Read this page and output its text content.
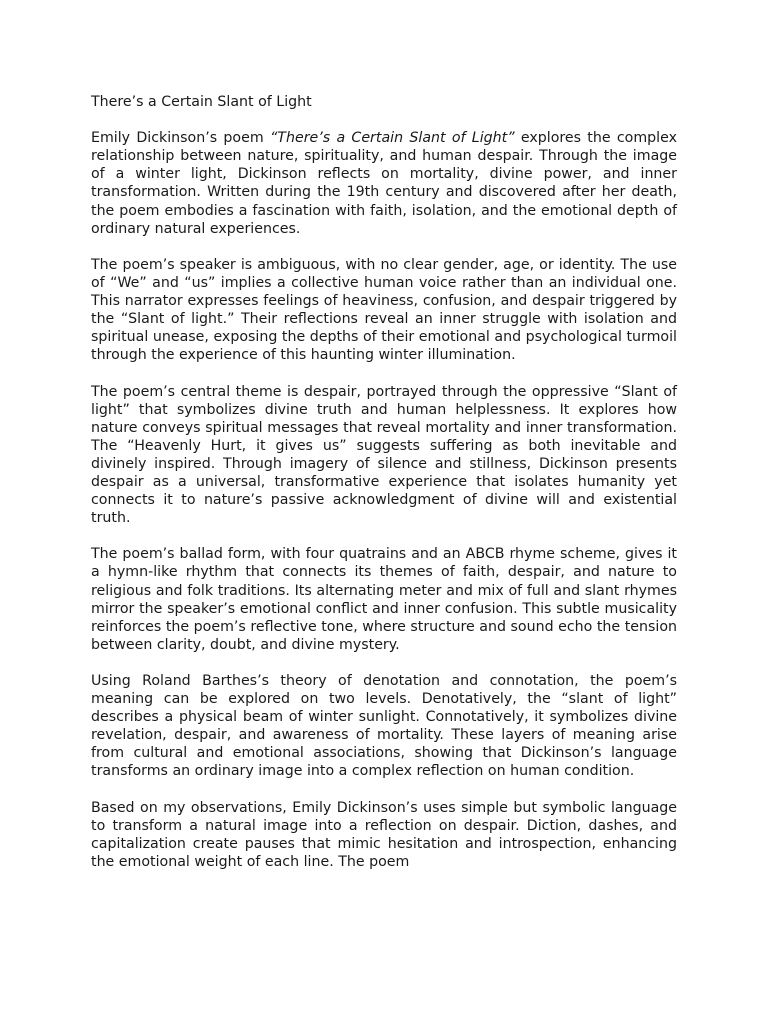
There’s a Certain Slant of Light

Emily Dickinson’s poem “There’s a Certain Slant of Light” explores the complex relationship between nature, spirituality, and human despair. Through the image of a winter light, Dickinson reflects on mortality, divine power, and inner transformation. Written during the 19th century and discovered after her death, the poem embodies a fascination with faith, isolation, and the emotional depth of ordinary natural experiences.

The poem’s speaker is ambiguous, with no clear gender, age, or identity. The use of “We” and “us” implies a collective human voice rather than an individual one. This narrator expresses feelings of heaviness, confusion, and despair triggered by the “Slant of light.” Their reflections reveal an inner struggle with isolation and spiritual unease, exposing the depths of their emotional and psychological turmoil through the experience of this haunting winter illumination.

The poem’s central theme is despair, portrayed through the oppressive “Slant of light” that symbolizes divine truth and human helplessness. It explores how nature conveys spiritual messages that reveal mortality and inner transformation. The “Heavenly Hurt, it gives us” suggests suffering as both inevitable and divinely inspired. Through imagery of silence and stillness, Dickinson presents despair as a universal, transformative experience that isolates humanity yet connects it to nature’s passive acknowledgment of divine will and existential truth.

The poem’s ballad form, with four quatrains and an ABCB rhyme scheme, gives it a hymn-like rhythm that connects its themes of faith, despair, and nature to religious and folk traditions. Its alternating meter and mix of full and slant rhymes mirror the speaker’s emotional conflict and inner confusion. This subtle musicality reinforces the poem’s reflective tone, where structure and sound echo the tension between clarity, doubt, and divine mystery.

Using Roland Barthes’s theory of denotation and connotation, the poem’s meaning can be explored on two levels. Denotatively, the “slant of light” describes a physical beam of winter sunlight. Connotatively, it symbolizes divine revelation, despair, and awareness of mortality. These layers of meaning arise from cultural and emotional associations, showing that Dickinson’s language transforms an ordinary image into a complex reflection on human condition.

Based on my observations, Emily Dickinson’s uses simple but symbolic language to transform a natural image into a reflection on despair. Diction, dashes, and capitalization create pauses that mimic hesitation and introspection, enhancing the emotional weight of each line. The poem
